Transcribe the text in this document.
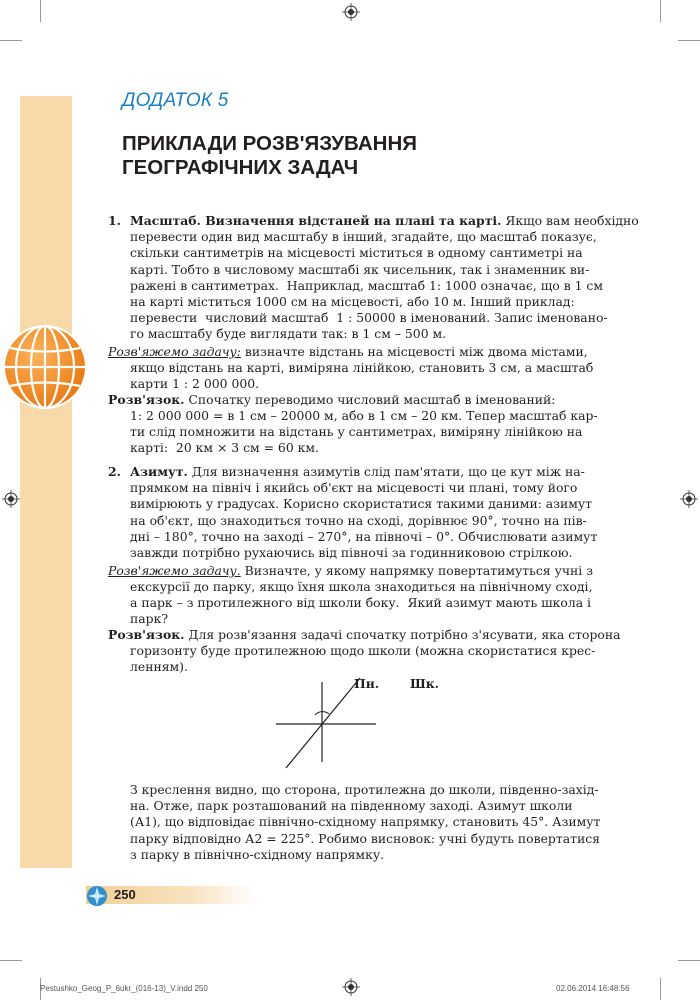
ДОДАТОК 5
ПРИКЛАДИ РОЗВ'ЯЗУВАННЯ
ГЕОГРАФІЧНИХ ЗАДАЧ
1. Масштаб. Визначення відстаней на плані та карті. Якщо вам необхідно

перевести один вид масштабу в інший, згадайте, що масштаб показує,

скільки сантиметрів на місцевості міститься в одному сантиметрі на

карті. Тобто в числовому масштабі як чисельник, так і знаменник ви-

ражені в сантиметрах.  Наприклад, масштаб 1: 1000 означає, що в 1 см

на карті міститься 1000 см на місцевості, або 10 м. Інший приклад:

перевести  числовий масштаб  1 : 50000 в іменований. Запис іменовано-

го масштабу буде виглядати так: в 1 см – 500 м.

Розв'яжемо задачу: визначте відстань на місцевості між двома містами,

якщо відстань на карті, виміряна лінійкою, становить 3 см, а масштаб

карти 1 : 2 000 000.

Розв'язок. Спочатку переводимо числовий масштаб в іменований:

1: 2 000 000 = в 1 см – 20000 м, або в 1 см – 20 км. Тепер масштаб кар-

ти слід помножити на відстань у сантиметрах, виміряну лінійкою на

карті:  20 км × 3 см = 60 км.

2. Азимут. Для визначення азимутів слід пам'ятати, що це кут між на-

прямком на північ і якийсь об'єкт на місцевості чи плані, тому його

вимірюють у градусах. Корисно скористатися такими даними: азимут

на об'єкт, що знаходиться точно на сході, дорівнює 90°, точно на пів-

дні – 180°, точно на заході – 270°, на півночі – 0°. Обчислювати азимут

завжди потрібно рухаючись від півночі за годинниковою стрілкою.

Розв'яжемо задачу. Визначте, у якому напрямку повертатимуться учні з

екскурсії до парку, якщо їхня школа знаходиться на північному сході,

а парк – з протилежного від школи боку.  Який азимут мають школа і

парк?

Розв'язок. Для розв'язання задачі спочатку потрібно з'ясувати, яка сторона

горизонту буде протилежною щодо школи (можна скористатися крес-

ленням).

Пн. Шк.

З креслення видно, що сторона, протилежна до школи, південно-захід-

на. Отже, парк розташований на південному заході. Азимут школи

(А1), що відповідає північно-східному напрямку, становить 45°. Азимут

парку відповідно А2 = 225°. Робимо висновок: учні будуть повертатися

з парку в північно-східному напрямку.

250
Pestushko_Geog_P_6ukr_(016-13)_V.indd 250	02.06.2014 16:48:56
